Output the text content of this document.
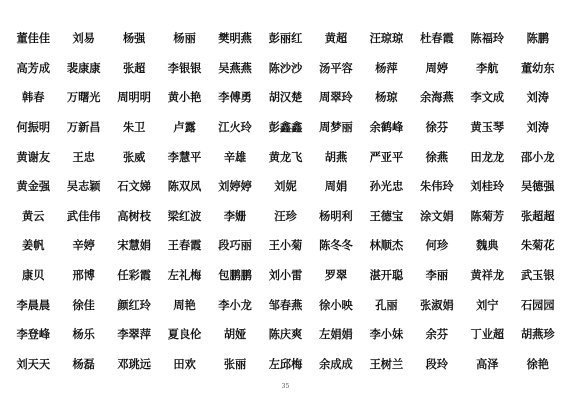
董佳佳 刘易	杨强	杨丽 樊明燕 彭丽红 黄超 汪琼琼 杜春霞 陈福玲 陈鹏
高芳成 裴康康 张超 李银银 吴燕燕 陈沙沙 汤平容 杨萍	周婷	李航 董幼东
韩春 万曙光 周明明 黄小艳 李傅勇 胡汉楚 周翠玲 杨琼 余海燕 李文成 刘涛
何振明 万新昌 朱卫	卢露 江火玲 彭鑫鑫 周梦丽 余鹤峰 徐芬 黄玉琴 刘涛
黄谢友 王忠	张威 李慧平 辛雄 黄龙飞 胡燕 严亚平 徐燕 田龙龙 邵小龙
黄金强 吴志颖 石文娣 陈双凤 刘婷婷 刘妮	周娟 孙光忠 朱伟玲 刘桂玲 吴德强
黄云 武佳伟 高树枝 梁红波 李姗	汪珍 杨明利 王德宝 涂文娟 陈菊芳 张超超
姜帆	辛婷 宋慧娟 王春霞 段巧丽 王小菊 陈冬冬 林顺杰 何珍	魏典 朱菊花
康贝	邢博 任彩霞 左礼梅 包鹏鹏 刘小雷 罗翠 湛开聪 李丽 黄祥龙 武玉银
李晨晨 徐佳 颜红玲 周艳 李小龙 邹春燕 徐小映 孔丽 张淑娟 刘宁 石园园
李登峰 杨乐 李翠萍 夏良伦 胡娅 陈庆爽 左娟娟 李小妹 余芬 丁业超 胡燕珍
刘天天 杨磊 邓珧远 田欢	张丽 左邱梅 余成成 王树兰 段玲	高泽	徐艳
35
